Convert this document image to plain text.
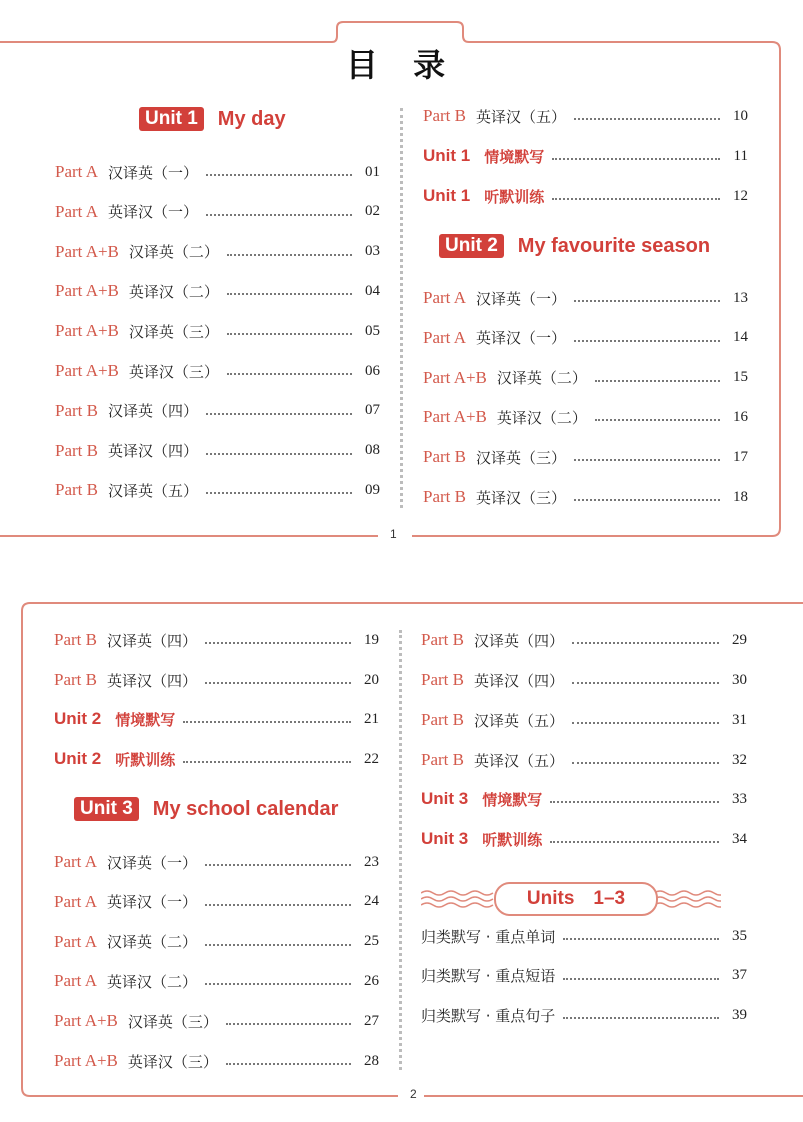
目 录
1
Unit 1	My day
Part A 汉译英（一）	01
Part A 英译汉（一）	02
Part A+B 汉译英（二）	03
Part A+B 英译汉（二）	04
Part A+B 汉译英（三）	05
Part A+B 英译汉（三）	06
Part B 汉译英（四）	07
Part B 英译汉（四）	08
Part B 汉译英（五）	09
Part B 英译汉（五）	10
Unit 1 情境默写	11
Unit 1 听默训练	12
Unit 2	My favourite season
Part A 汉译英（一）	13
Part A 英译汉（一）	14
Part A+B 汉译英（二）	15
Part A+B 英译汉（二）	16
Part B 汉译英（三）	17
Part B 英译汉（三）	18
2
Part B 汉译英（四）	19
Part B 英译汉（四）	20
Unit 2 情境默写	21
Unit 2 听默训练	22
Unit 3	My school calendar
Part A 汉译英（一）	23
Part A 英译汉（一）	24
Part A 汉译英（二）	25
Part A 英译汉（二）	26
Part A+B 汉译英（三）	27
Part A+B 英译汉（三）	28
Part B 汉译英（四）	29
Part B 英译汉（四）	30
Part B 汉译英（五）	31
Part B 英译汉（五）	32
Unit 3 情境默写	33
Unit 3 听默训练	34
Units　1–3
归类默写 · 重点单词	35
归类默写 · 重点短语	37
归类默写 · 重点句子	39
